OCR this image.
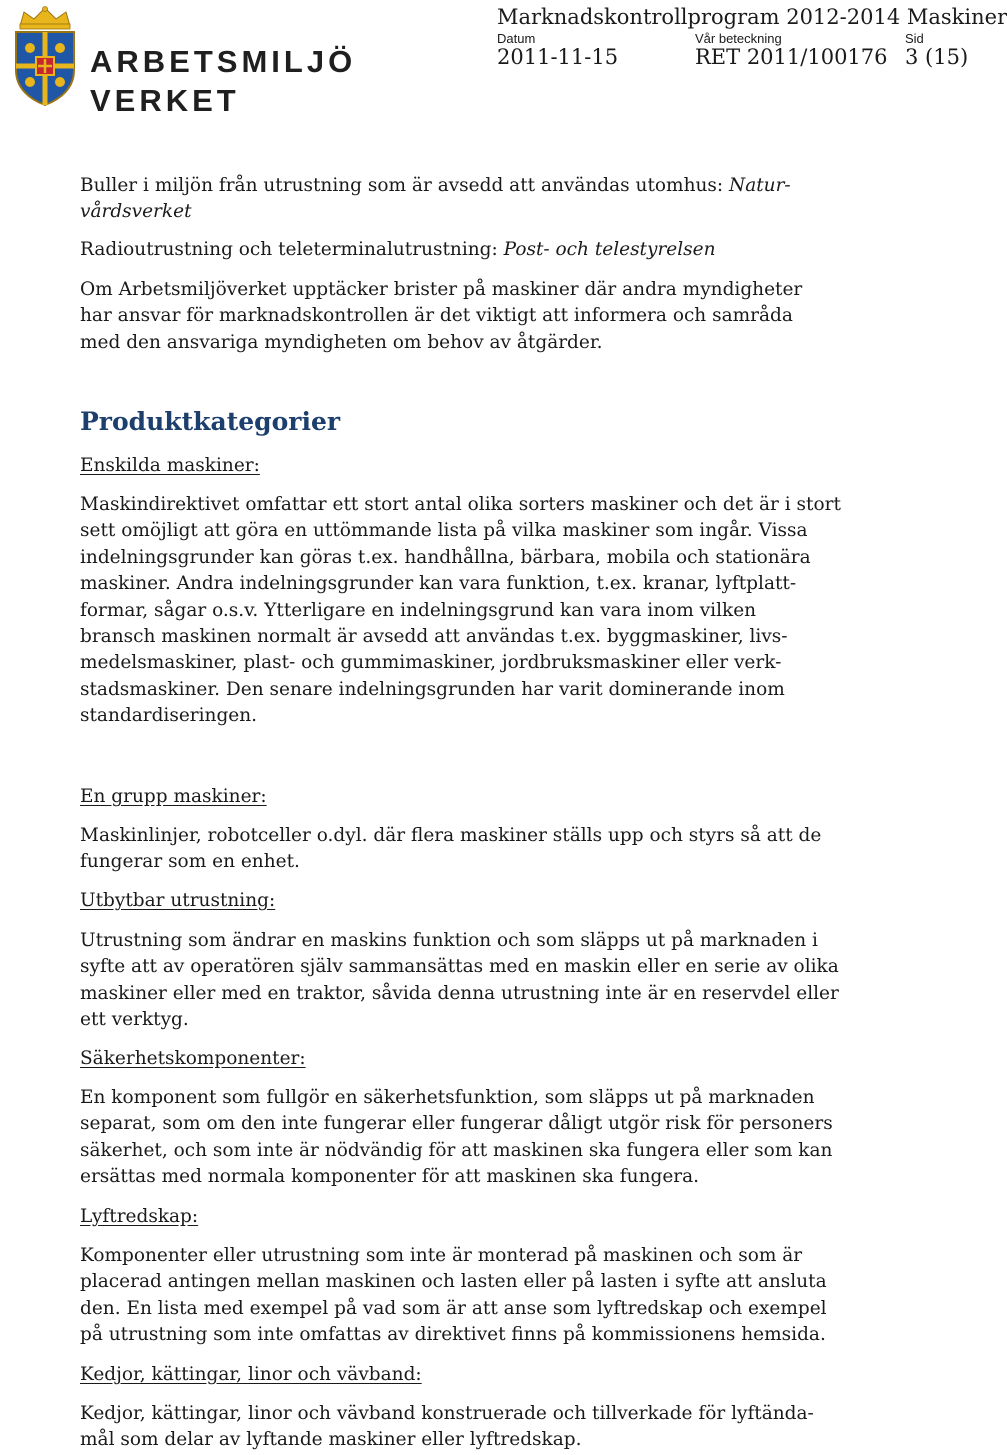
ARBETSMILJÖ
VERKET
Marknadskontrollprogram 2012-2014 Maskiner
Datum	Vår beteckning	Sid
2011-11-15	RET 2011/100176 3 (15)
Buller i miljön från utrustning som är avsedd att användas utomhus: Natur-
vårdsverket
Radioutrustning och teleterminalutrustning: Post- och telestyrelsen
Om Arbetsmiljöverket upptäcker brister på maskiner där andra myndigheter
har ansvar för marknadskontrollen är det viktigt att informera och samråda
med den ansvariga myndigheten om behov av åtgärder.
Produktkategorier
Enskilda maskiner:
Maskindirektivet omfattar ett stort antal olika sorters maskiner och det är i stort
sett omöjligt att göra en uttömmande lista på vilka maskiner som ingår. Vissa
indelningsgrunder kan göras t.ex. handhållna, bärbara, mobila och stationära
maskiner. Andra indelningsgrunder kan vara funktion, t.ex. kranar, lyftplatt-
formar, sågar o.s.v. Ytterligare en indelningsgrund kan vara inom vilken
bransch maskinen normalt är avsedd att användas t.ex. byggmaskiner, livs-
medelsmaskiner, plast- och gummimaskiner, jordbruksmaskiner eller verk-
stadsmaskiner. Den senare indelningsgrunden har varit dominerande inom
standardiseringen.
En grupp maskiner:
Maskinlinjer, robotceller o.dyl. där flera maskiner ställs upp och styrs så att de
fungerar som en enhet.
Utbytbar utrustning:
Utrustning som ändrar en maskins funktion och som släpps ut på marknaden i
syfte att av operatören själv sammansättas med en maskin eller en serie av olika
maskiner eller med en traktor, såvida denna utrustning inte är en reservdel eller
ett verktyg.
Säkerhetskomponenter:
En komponent som fullgör en säkerhetsfunktion, som släpps ut på marknaden
separat, som om den inte fungerar eller fungerar dåligt utgör risk för personers
säkerhet, och som inte är nödvändig för att maskinen ska fungera eller som kan
ersättas med normala komponenter för att maskinen ska fungera.
Lyftredskap:
Komponenter eller utrustning som inte är monterad på maskinen och som är
placerad antingen mellan maskinen och lasten eller på lasten i syfte att ansluta
den. En lista med exempel på vad som är att anse som lyftredskap och exempel
på utrustning som inte omfattas av direktivet finns på kommissionens hemsida.
Kedjor, kättingar, linor och vävband:
Kedjor, kättingar, linor och vävband konstruerade och tillverkade för lyftända-
mål som delar av lyftande maskiner eller lyftredskap.
